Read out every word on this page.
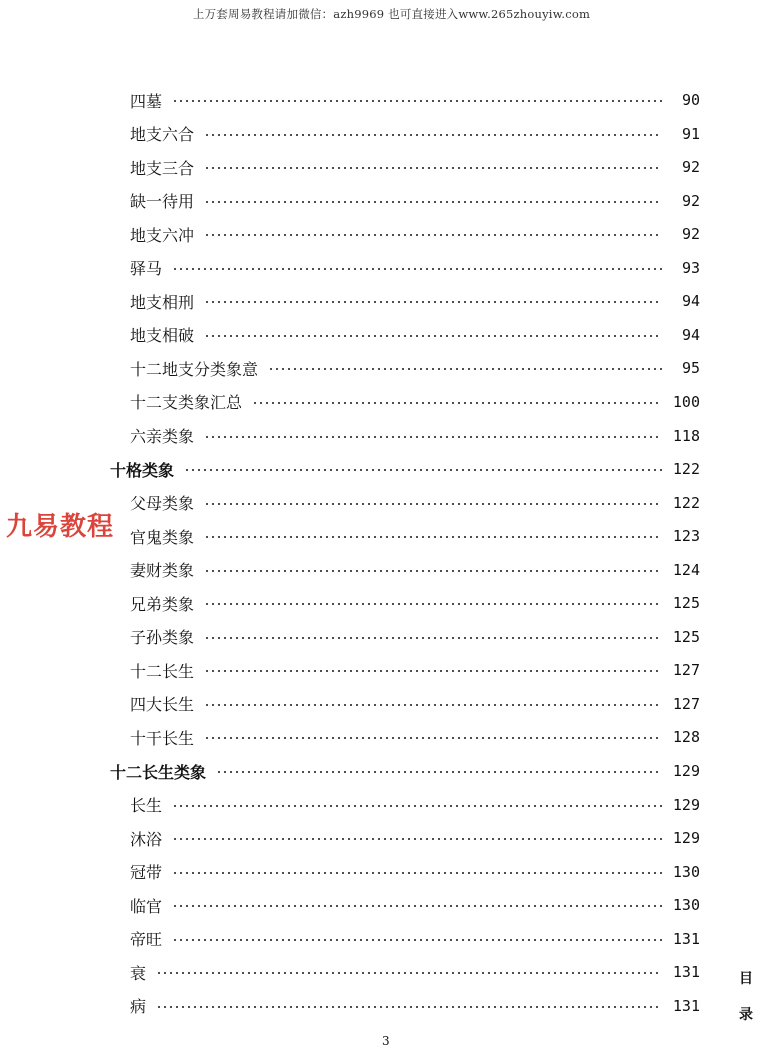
上万套周易教程请加微信：azh9969 也可直接进入www.265zhouyiw.com
四墓	90
地支六合	91
地支三合	92
缺一待用	92
地支六冲	92
驿马	93
地支相刑	94
地支相破	94
十二地支分类象意	95
十二支类象汇总	100
六亲类象	118
十格类象	122
父母类象	122
官鬼类象	123
妻财类象	124
兄弟类象	125
子孙类象	125
十二长生	127
四大长生	127
十干长生	128
十二长生类象	129
长生	129
沐浴	129
冠带	130
临官	130
帝旺	131
衰	131
病	131
九易教程
目
录
3
